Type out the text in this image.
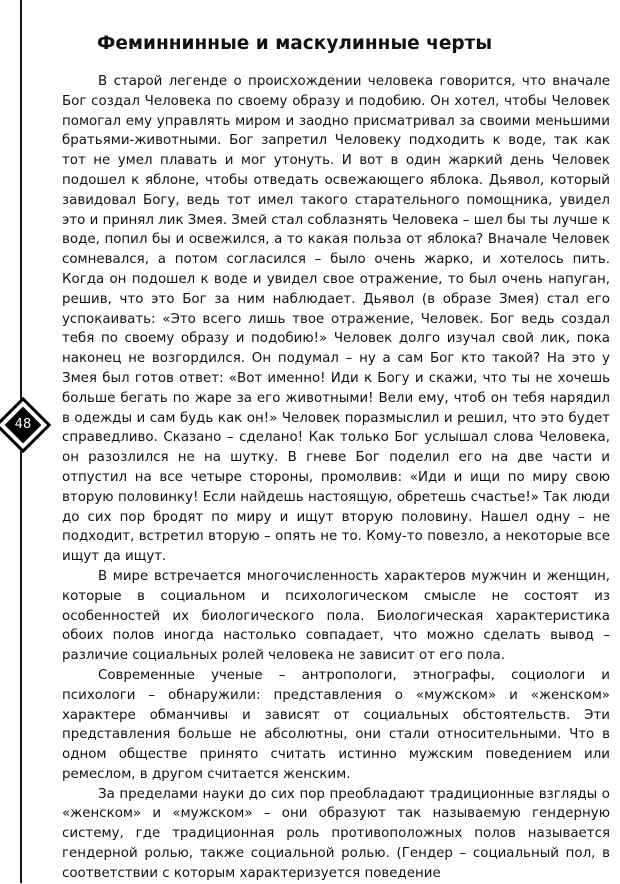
48
Феминнинные и маскулинные черты

В старой легенде о происхождении человека говорится, что вначале Бог создал Человека по своему образу и подобию. Он хотел, чтобы Человек помогал ему управлять миром и заодно присматривал за своими меньшими братьями-животными. Бог запретил Человеку подходить к воде, так как тот не умел плавать и мог утонуть. И вот в один жаркий день Человек подошел к яблоне, чтобы отведать освежающего яблока. Дьявол, который завидовал Богу, ведь тот имел такого старательного помощника, увидел это и принял лик Змея. Змей стал соблазнять Человека – шел бы ты лучше к воде, попил бы и освежился, а то какая польза от яблока? Вначале Человек сомневался, а потом согласился – было очень жарко, и хотелось пить. Когда он подошел к воде и увидел свое отражение, то был очень напуган, решив, что это Бог за ним наблюдает. Дьявол (в образе Змея) стал его успокаивать: «Это всего лишь твое отражение, Человек. Бог ведь создал тебя по своему образу и подобию!» Человек долго изучал свой лик, пока наконец не возгордился. Он подумал – ну а сам Бог кто такой? На это у Змея был готов ответ: «Вот именно! Иди к Богу и скажи, что ты не хочешь больше бегать по жаре за его животными! Вели ему, чтоб он тебя нарядил в одежды и сам будь как он!» Человек поразмыслил и решил, что это будет справедливо. Сказано – сделано! Как только Бог услышал слова Человека, он разозлился не на шутку. В гневе Бог поделил его на две части и отпустил на все четыре стороны, промолвив: «Иди и ищи по миру свою вторую половинку! Если найдешь настоящую, обретешь счастье!» Так люди до сих пор бродят по миру и ищут вторую половину. Нашел одну – не подходит, встретил вторую – опять не то. Кому-то повезло, а некоторые все ищут да ищут.

В мире встречается многочисленность характеров мужчин и женщин, которые в социальном и психологическом смысле не состоят из особенностей их биологического пола. Биологическая характеристика обоих полов иногда настолько совпадает, что можно сделать вывод – различие социальных ролей человека не зависит от его пола.

Современные ученые – антропологи, этнографы, социологи и психологи – обнаружили: представления о «мужском» и «женском» характере обманчивы и зависят от социальных обстоятельств. Эти представления больше не абсолютны, они стали относительными. Что в одном обществе принято считать истинно мужским поведением или ремеслом, в другом считается женским.

За пределами науки до сих пор преобладают традиционные взгляды о «женском» и «мужском» – они образуют так называемую гендерную систему, где традиционная роль противоположных полов называется гендерной ролью, также социальной ролью. (Гендер – социальный пол, в соответствии с которым характеризуется поведение
